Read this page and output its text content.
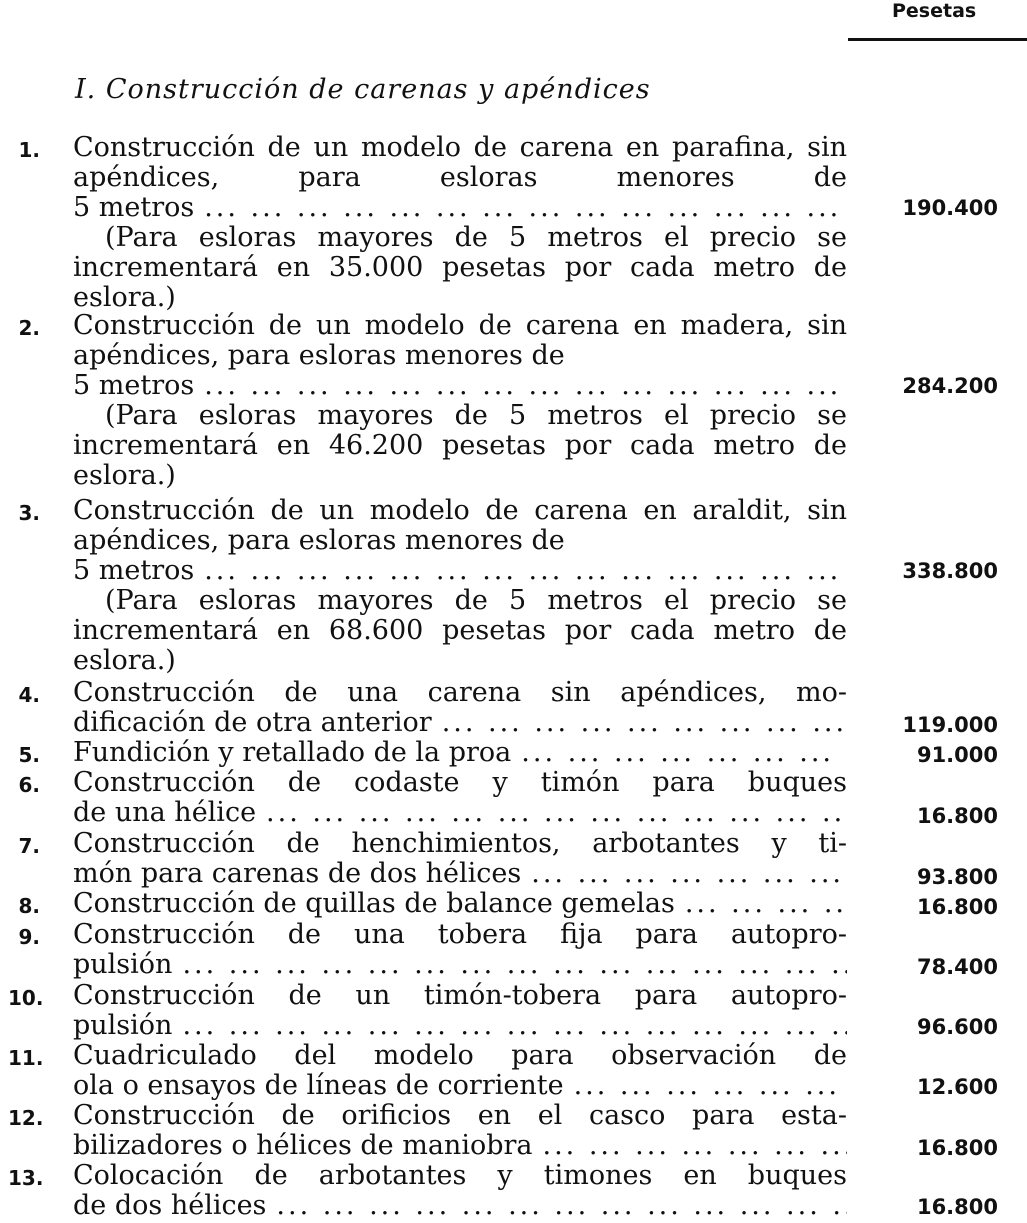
Pesetas
I. Construcción de carenas y apéndices
1. Construcción de un modelo de carena en parafina, sin apéndices, para esloras menores de
5 metros ... .	190.400
(Para esloras mayores de 5 metros el precio se incrementará en 35.000 pesetas por cada metro de eslora.)
2. Construcción de un modelo de carena en madera, sin apéndices, para esloras menores de
5 metros ... .	284.200
(Para esloras mayores de 5 metros el precio se incrementará en 46.200 pesetas por cada metro de eslora.)
3. Construcción de un modelo de carena en araldit, sin apéndices, para esloras menores de
5 metros ... .	338.800
(Para esloras mayores de 5 metros el precio se incrementará en 68.600 pesetas por cada metro de eslora.)
4. Construcción de una carena sin apéndices, mo-
dificación de otra anterior ... .	119.000
5. Fundición y retallado de la proa ... .	91.000
6. Construcción de codaste y timón para buques
de una hélice ... .	16.800
7. Construcción de henchimientos, arbotantes y ti-
món para carenas de dos hélices ... .	93.800
8. Construcción de quillas de balance gemelas ... .	16.800
9. Construcción de una tobera fija para autopro-
pulsión ... .	78.400
10. Construcción de un timón-tobera para autopro-
pulsión ... .	96.600
11. Cuadriculado del modelo para observación de
ola o ensayos de líneas de corriente ... .	12.600
12. Construcción de orificios en el casco para esta-
bilizadores o hélices de maniobra ... .	16.800
13. Colocación de arbotantes y timones en buques
de dos hélices ... .	16.800
